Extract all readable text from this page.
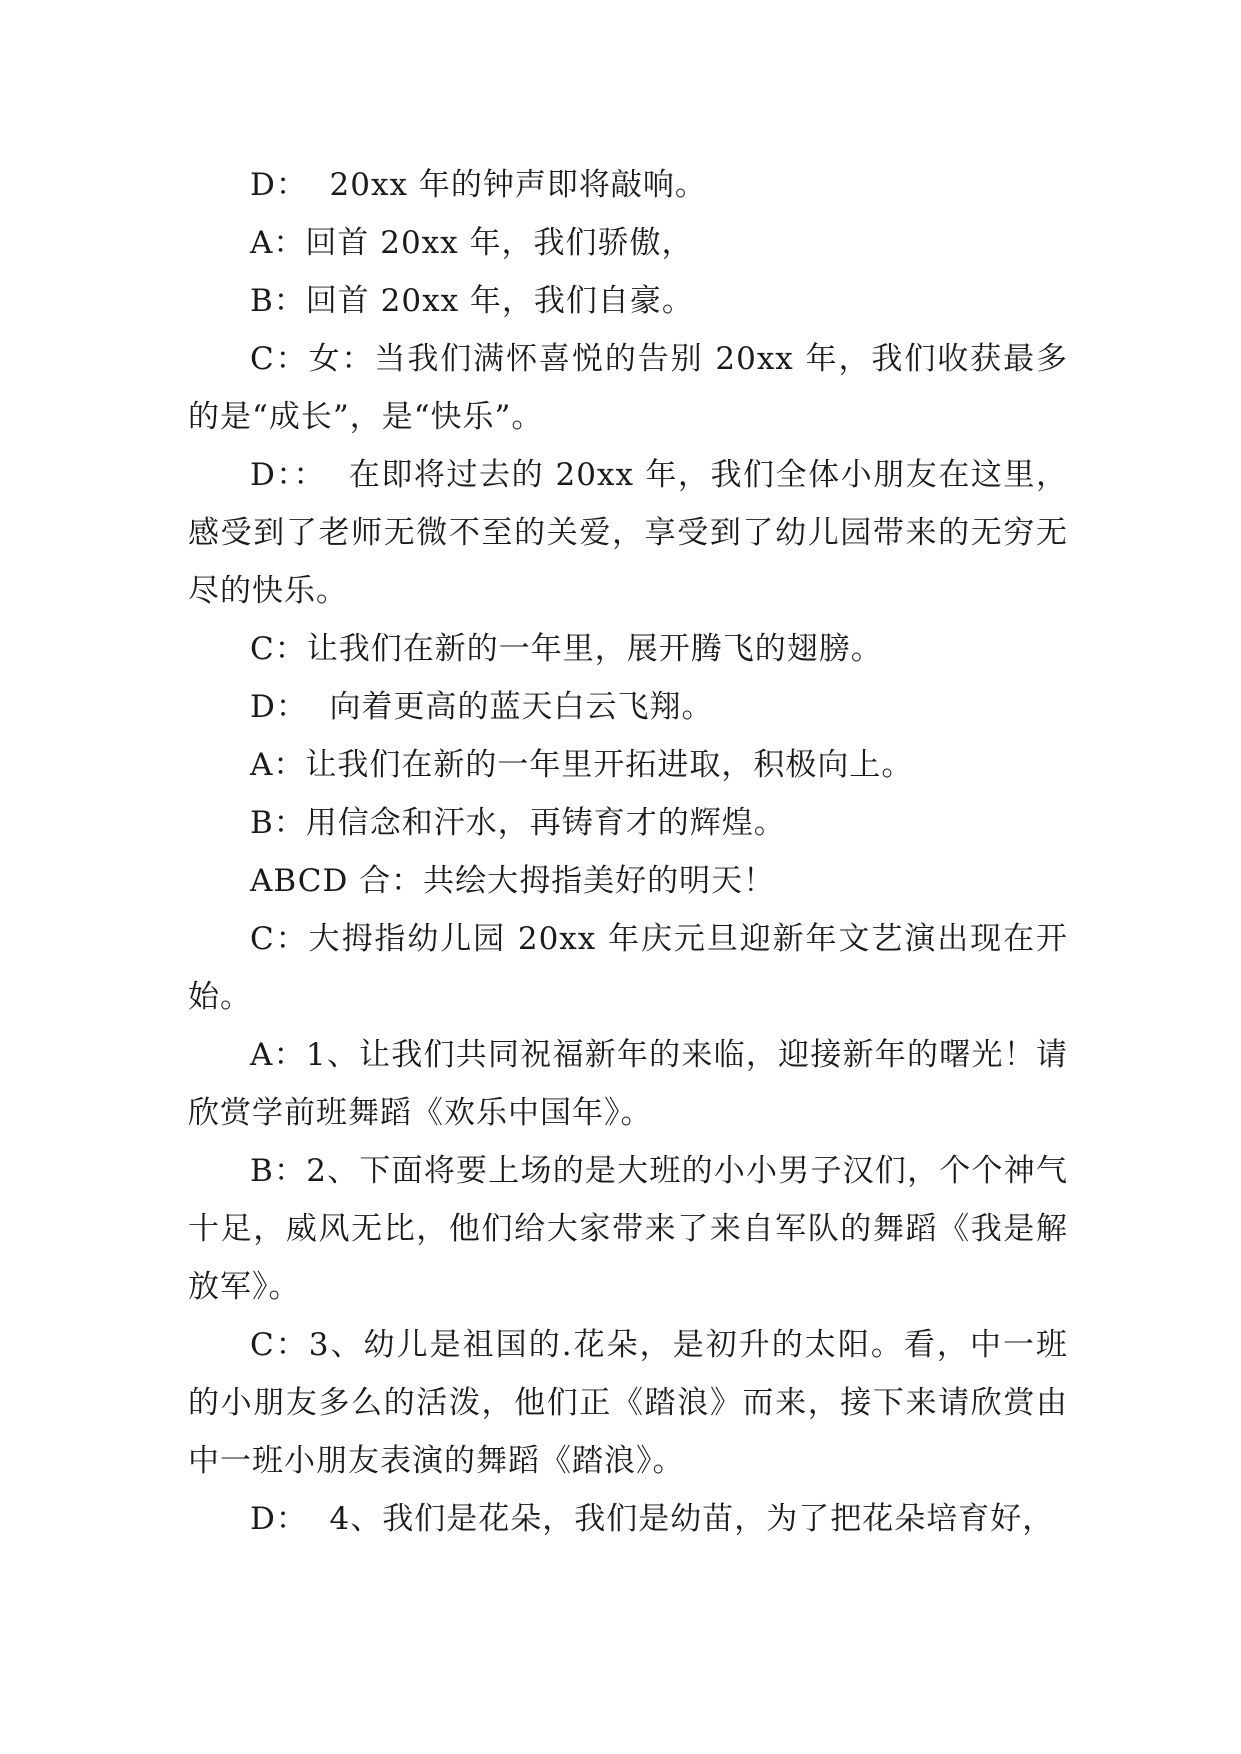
D：  20xx 年的钟声即将敲响。

A：回首 20xx 年，我们骄傲，

B：回首 20xx 年，我们自豪。

C：女：当我们满怀喜悦的告别 20xx 年，我们收获最多的是“成长”，是“快乐”。

D：：  在即将过去的 20xx 年，我们全体小朋友在这里，感受到了老师无微不至的关爱，享受到了幼儿园带来的无穷无尽的快乐。

C：让我们在新的一年里，展开腾飞的翅膀。

D：  向着更高的蓝天白云飞翔。

A：让我们在新的一年里开拓进取，积极向上。

B：用信念和汗水，再铸育才的辉煌。

ABCD 合：共绘大拇指美好的明天！

C：大拇指幼儿园 20xx 年庆元旦迎新年文艺演出现在开始。

A：1、让我们共同祝福新年的来临，迎接新年的曙光！请欣赏学前班舞蹈《欢乐中国年》。

B：2、下面将要上场的是大班的小小男子汉们，个个神气十足，威风无比，他们给大家带来了来自军队的舞蹈《我是解放军》。

C：3、幼儿是祖国的.花朵，是初升的太阳。看，中一班的小朋友多么的活泼，他们正《踏浪》而来，接下来请欣赏由中一班小朋友表演的舞蹈《踏浪》。

D：  4、我们是花朵，我们是幼苗，为了把花朵培育好，
